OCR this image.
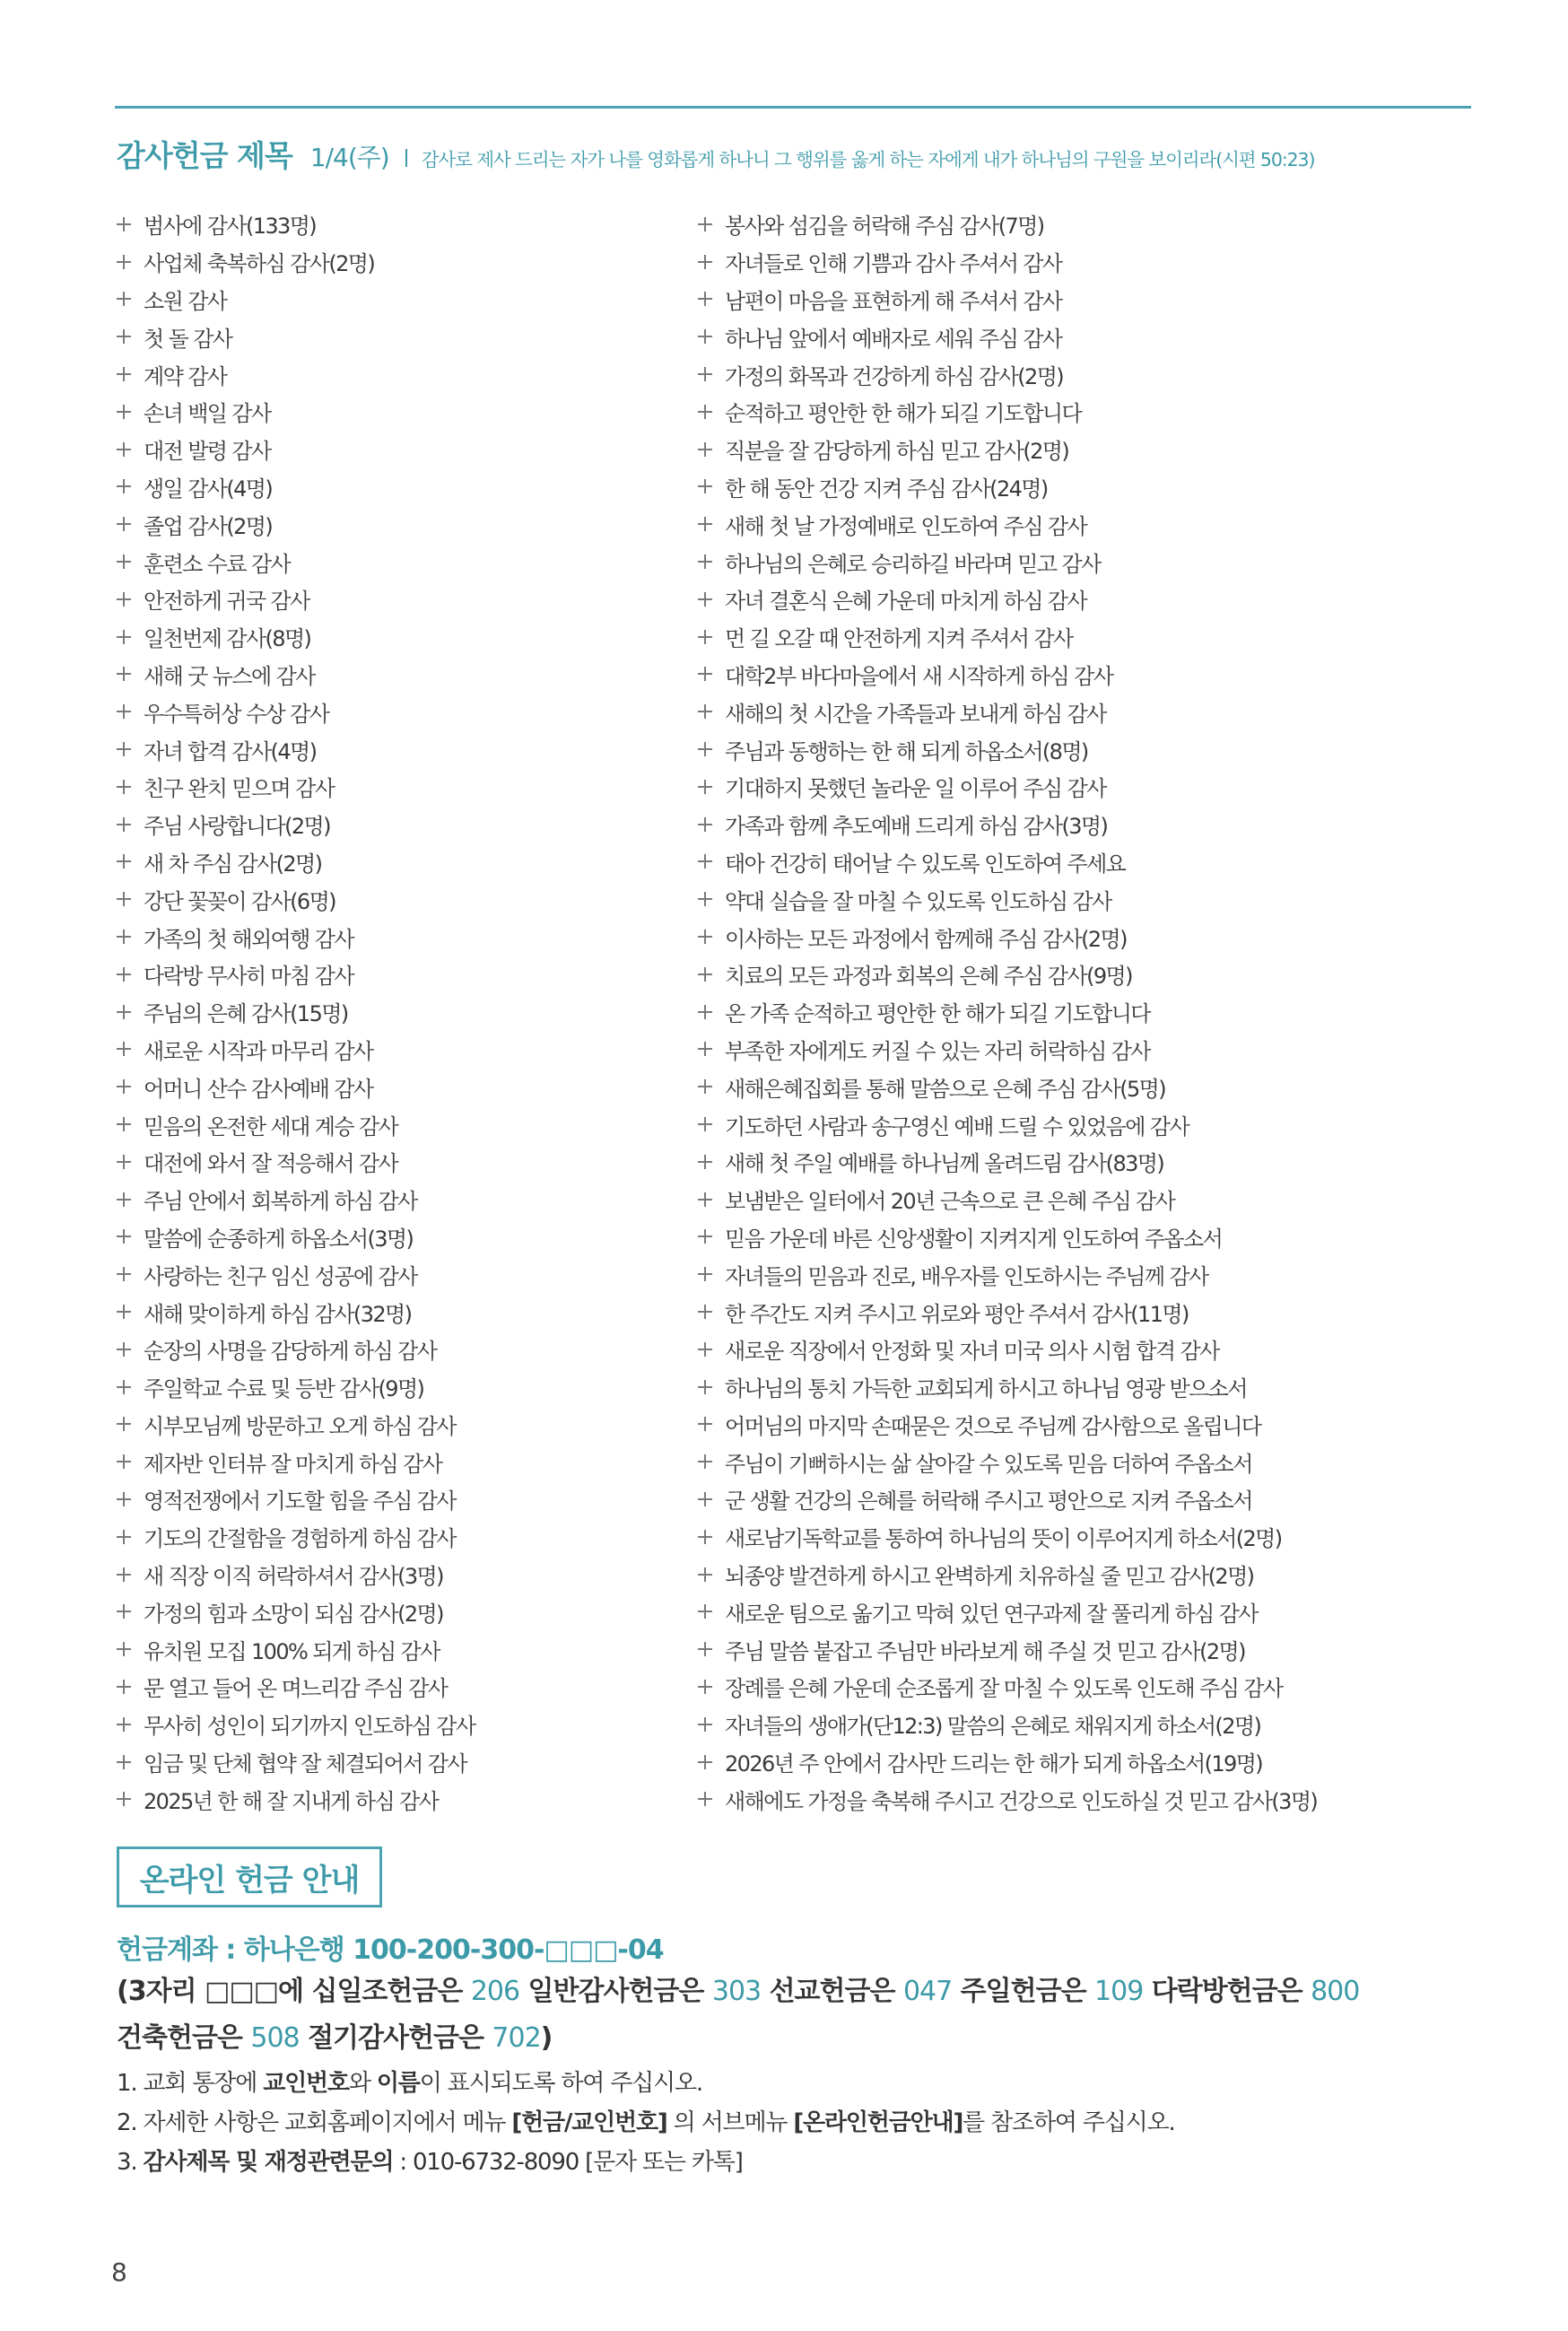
감사헌금 제목 1/4(주) 감사로 제사 드리는 자가 나를 영화롭게 하나니 그 행위를 옳게 하는 자에게 내가 하나님의 구원을 보이리라(시편 50:23)
범사에 감사(133명)
사업체 축복하심 감사(2명)
소원 감사
첫 돌 감사
계약 감사
손녀 백일 감사
대전 발령 감사
생일 감사(4명)
졸업 감사(2명)
훈련소 수료 감사
안전하게 귀국 감사
일천번제 감사(8명)
새해 굿 뉴스에 감사
우수특허상 수상 감사
자녀 합격 감사(4명)
친구 완치 믿으며 감사
주님 사랑합니다(2명)
새 차 주심 감사(2명)
강단 꽃꽂이 감사(6명)
가족의 첫 해외여행 감사
다락방 무사히 마침 감사
주님의 은혜 감사(15명)
새로운 시작과 마무리 감사
어머니 산수 감사예배 감사
믿음의 온전한 세대 계승 감사
대전에 와서 잘 적응해서 감사
주님 안에서 회복하게 하심 감사
말씀에 순종하게 하옵소서(3명)
사랑하는 친구 임신 성공에 감사
새해 맞이하게 하심 감사(32명)
순장의 사명을 감당하게 하심 감사
주일학교 수료 및 등반 감사(9명)
시부모님께 방문하고 오게 하심 감사
제자반 인터뷰 잘 마치게 하심 감사
영적전쟁에서 기도할 힘을 주심 감사
기도의 간절함을 경험하게 하심 감사
새 직장 이직 허락하셔서 감사(3명)
가정의 힘과 소망이 되심 감사(2명)
유치원 모집 100% 되게 하심 감사
문 열고 들어 온 며느리감 주심 감사
무사히 성인이 되기까지 인도하심 감사
임금 및 단체 협약 잘 체결되어서 감사
2025년 한 해 잘 지내게 하심 감사
봉사와 섬김을 허락해 주심 감사(7명)
자녀들로 인해 기쁨과 감사 주셔서 감사
남편이 마음을 표현하게 해 주셔서 감사
하나님 앞에서 예배자로 세워 주심 감사
가정의 화목과 건강하게 하심 감사(2명)
순적하고 평안한 한 해가 되길 기도합니다
직분을 잘 감당하게 하심 믿고 감사(2명)
한 해 동안 건강 지켜 주심 감사(24명)
새해 첫 날 가정예배로 인도하여 주심 감사
하나님의 은혜로 승리하길 바라며 믿고 감사
자녀 결혼식 은혜 가운데 마치게 하심 감사
먼 길 오갈 때 안전하게 지켜 주셔서 감사
대학2부 바다마을에서 새 시작하게 하심 감사
새해의 첫 시간을 가족들과 보내게 하심 감사
주님과 동행하는 한 해 되게 하옵소서(8명)
기대하지 못했던 놀라운 일 이루어 주심 감사
가족과 함께 추도예배 드리게 하심 감사(3명)
태아 건강히 태어날 수 있도록 인도하여 주세요
약대 실습을 잘 마칠 수 있도록 인도하심 감사
이사하는 모든 과정에서 함께해 주심 감사(2명)
치료의 모든 과정과 회복의 은혜 주심 감사(9명)
온 가족 순적하고 평안한 한 해가 되길 기도합니다
부족한 자에게도 커질 수 있는 자리 허락하심 감사
새해은혜집회를 통해 말씀으로 은혜 주심 감사(5명)
기도하던 사람과 송구영신 예배 드릴 수 있었음에 감사
새해 첫 주일 예배를 하나님께 올려드림 감사(83명)
보냄받은 일터에서 20년 근속으로 큰 은혜 주심 감사
믿음 가운데 바른 신앙생활이 지켜지게 인도하여 주옵소서
자녀들의 믿음과 진로, 배우자를 인도하시는 주님께 감사
한 주간도 지켜 주시고 위로와 평안 주셔서 감사(11명)
새로운 직장에서 안정화 및 자녀 미국 의사 시험 합격 감사
하나님의 통치 가득한 교회되게 하시고 하나님 영광 받으소서
어머님의 마지막 손때묻은 것으로 주님께 감사함으로 올립니다
주님이 기뻐하시는 삶 살아갈 수 있도록 믿음 더하여 주옵소서
군 생활 건강의 은혜를 허락해 주시고 평안으로 지켜 주옵소서
새로남기독학교를 통하여 하나님의 뜻이 이루어지게 하소서(2명)
뇌종양 발견하게 하시고 완벽하게 치유하실 줄 믿고 감사(2명)
새로운 팀으로 옮기고 막혀 있던 연구과제 잘 풀리게 하심 감사
주님 말씀 붙잡고 주님만 바라보게 해 주실 것 믿고 감사(2명)
장례를 은혜 가운데 순조롭게 잘 마칠 수 있도록 인도해 주심 감사
자녀들의 생애가(단12:3) 말씀의 은혜로 채워지게 하소서(2명)
2026년 주 안에서 감사만 드리는 한 해가 되게 하옵소서(19명)
새해에도 가정을 축복해 주시고 건강으로 인도하실 것 믿고 감사(3명)
온라인 헌금 안내
헌금계좌 : 하나은행 100-200-300-□□□-04
(3자리 □□□에 십일조헌금은 206 일반감사헌금은 303 선교헌금은 047 주일헌금은 109 다락방헌금은 800
건축헌금은 508 절기감사헌금은 702)
1. 교회 통장에 교인번호와 이름이 표시되도록 하여 주십시오.
2. 자세한 사항은 교회홈페이지에서 메뉴 [헌금/교인번호] 의 서브메뉴 [온라인헌금안내]를 참조하여 주십시오.
3. 감사제목 및 재정관련문의 : 010-6732-8090 [문자 또는 카톡]
8
